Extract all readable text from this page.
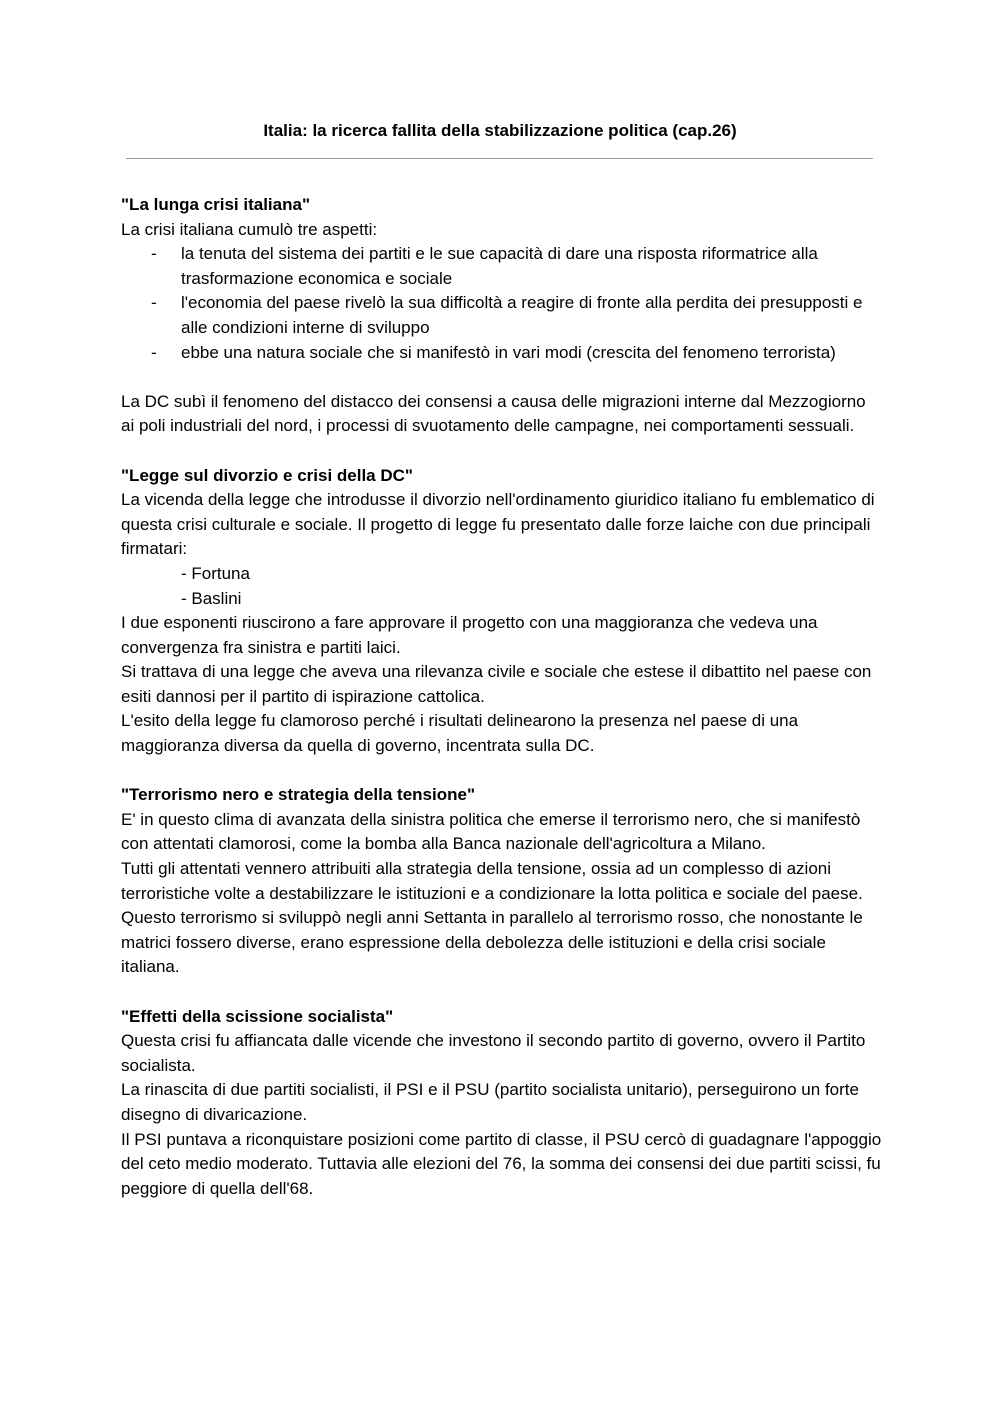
Italia: la ricerca fallita della stabilizzazione politica (cap.26)

"La lunga crisi italiana"

La crisi italiana cumulò tre aspetti:

- la tenuta del sistema dei partiti e le sue capacità di dare una risposta riformatrice alla trasformazione economica e sociale
- l'economia del paese rivelò la sua difficoltà a reagire di fronte alla perdita dei presupposti e alle condizioni interne di sviluppo
- ebbe una natura sociale che si manifestò in vari modi (crescita del fenomeno terrorista)

La DC subì il fenomeno del distacco dei consensi a causa delle migrazioni interne dal Mezzogiorno ai poli industriali del nord, i processi di svuotamento delle campagne, nei comportamenti sessuali.

"Legge sul divorzio e crisi della DC"

La vicenda della legge che introdusse il divorzio nell'ordinamento giuridico italiano fu emblematico di questa crisi culturale e sociale. Il progetto di legge fu presentato dalle forze laiche con due principali firmatari:

- Fortuna

- Baslini

I due esponenti riuscirono a fare approvare il progetto con una maggioranza che vedeva una convergenza fra sinistra e partiti laici.

Si trattava di una legge che aveva una rilevanza civile e sociale che estese il dibattito nel paese con esiti dannosi per il partito di ispirazione cattolica.

L'esito della legge fu clamoroso perché i risultati delinearono la presenza nel paese di una maggioranza diversa da quella di governo, incentrata sulla DC.

"Terrorismo nero e strategia della tensione"

E' in questo clima di avanzata della sinistra politica che emerse il terrorismo nero, che si manifestò con attentati clamorosi, come la bomba alla Banca nazionale dell'agricoltura a Milano.

Tutti gli attentati vennero attribuiti alla strategia della tensione, ossia ad un complesso di azioni terroristiche volte a destabilizzare le istituzioni e a condizionare la lotta politica e sociale del paese.

Questo terrorismo si sviluppò negli anni Settanta in parallelo al terrorismo rosso, che nonostante le matrici fossero diverse, erano espressione della debolezza delle istituzioni e della crisi sociale italiana.

"Effetti della scissione socialista"

Questa crisi fu affiancata dalle vicende che investono il secondo partito di governo, ovvero il Partito socialista.

La rinascita di due partiti socialisti, il PSI e il PSU (partito socialista unitario), perseguirono un forte disegno di divaricazione.

Il PSI puntava a riconquistare posizioni come partito di classe, il PSU cercò di guadagnare l'appoggio del ceto medio moderato. Tuttavia alle elezioni del 76, la somma dei consensi dei due partiti scissi, fu peggiore di quella dell'68.
